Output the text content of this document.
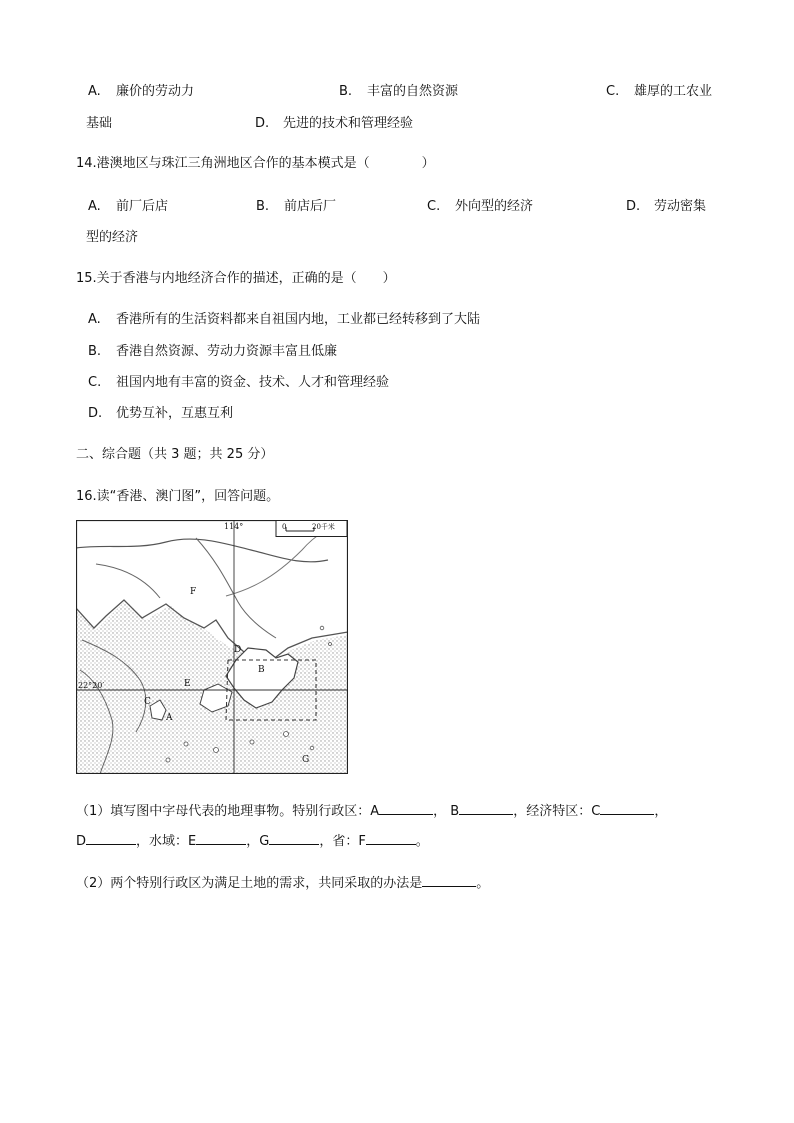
A. 廉价的劳动力	B. 丰富的自然资源	C. 雄厚的工农业
基础	D. 先进的技术和管理经验
14.港澳地区与珠江三角洲地区合作的基本模式是（　　　　）
A. 前厂后店	B. 前店后厂	C. 外向型的经济	D. 劳动密集
型的经济
15.关于香港与内地经济合作的描述，正确的是（　　）
A. 香港所有的生活资料都来自祖国内地，工业都已经转移到了大陆
B. 香港自然资源、劳动力资源丰富且低廉
C. 祖国内地有丰富的资金、技术、人才和管理经验
D. 优势互补，互惠互利
二、综合题（共 3 题；共 25 分）
16.读“香港、澳门图”，回答问题。
0	20千米
114°
22°20′
F
D
B
E
C
A
G
（1）填写图中字母代表的地理事物。特别行政区：A	， B	，经济特区：C	，
D	，水域：E	，G	，省：F	。
（2）两个特别行政区为满足土地的需求，共同采取的办法是	。
